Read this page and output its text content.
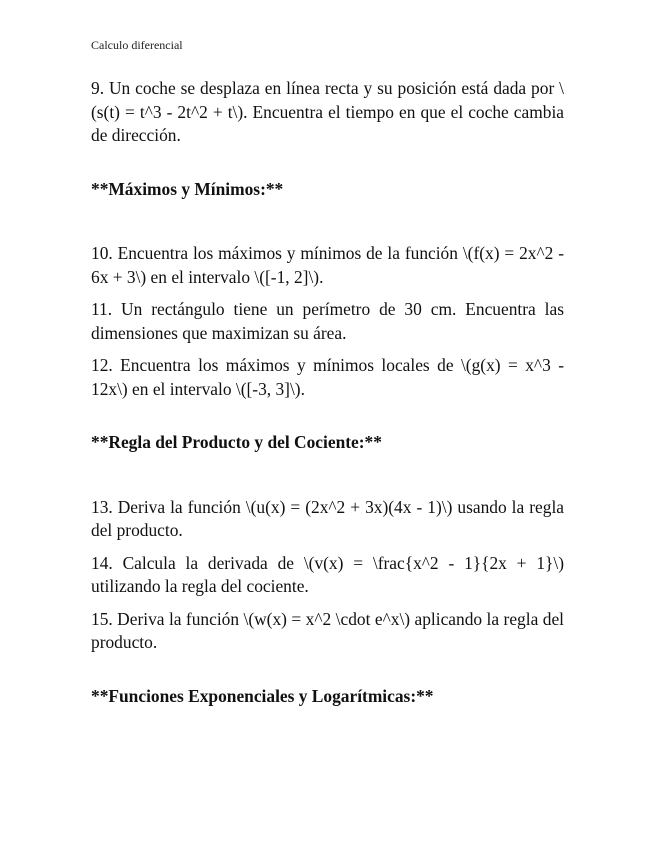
Calculo diferencial

9. Un coche se desplaza en línea recta y su posición está dada por \(s(t) = t^3 - 2t^2 + t\). Encuentra el tiempo en que el coche cambia de dirección.

**Máximos y Mínimos:**

10. Encuentra los máximos y mínimos de la función \(f(x) = 2x^2 - 6x + 3\) en el intervalo \([-1, 2]\).

11. Un rectángulo tiene un perímetro de 30 cm. Encuentra las dimensiones que maximizan su área.

12. Encuentra los máximos y mínimos locales de \(g(x) = x^3 - 12x\) en el intervalo \([-3, 3]\).

**Regla del Producto y del Cociente:**

13. Deriva la función \(u(x) = (2x^2 + 3x)(4x - 1)\) usando la regla del producto.

14. Calcula la derivada de \(v(x) = \frac{x^2 - 1}{2x + 1}\) utilizando la regla del cociente.

15. Deriva la función \(w(x) = x^2 \cdot e^x\) aplicando la regla del producto.

**Funciones Exponenciales y Logarítmicas:**
